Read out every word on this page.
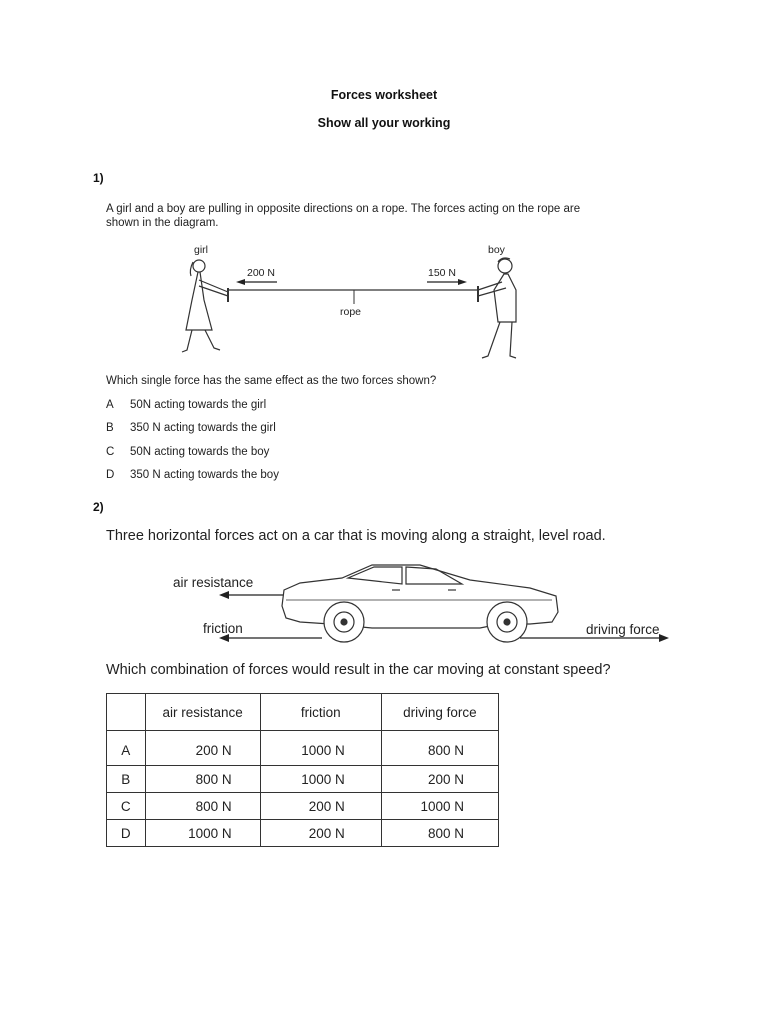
Forces worksheet
Show all your working
1)
A girl and a boy are pulling in opposite directions on a rope. The forces acting on the rope are
shown in the diagram.
girl	boy
200 N	150 N
rope
Which single force has the same effect as the two forces shown?
A 50N acting towards the girl
B 350 N acting towards the girl
C 50N acting towards the boy
D 350 N acting towards the boy
2)
Three horizontal forces act on a car that is moving along a straight, level road.
air resistance
friction	driving force
Which combination of forces would result in the car moving at constant speed?
	air resistance	friction	driving force
A	200 N	1000 N	800 N
B	800 N	1000 N	200 N
C	800 N	200 N	1000 N
D	1000 N	200 N	800 N
